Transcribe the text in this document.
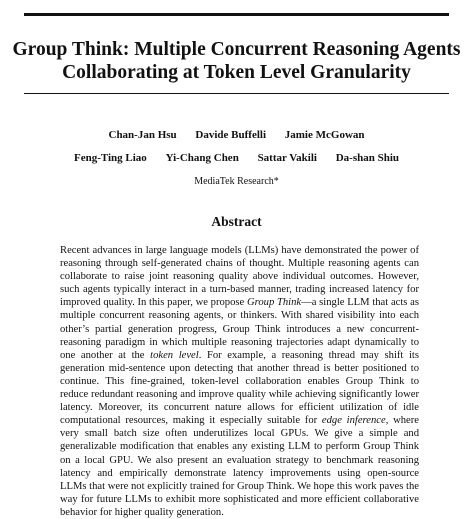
Group Think: Multiple Concurrent Reasoning Agents
Collaborating at Token Level Granularity
Chan-Jan Hsu Davide Buffelli Jamie McGowan
Feng-Ting Liao Yi-Chang Chen Sattar Vakili Da-shan Shiu
MediaTek Research*
Abstract

Recent advances in large language models (LLMs) have demonstrated the power of reasoning through self-generated chains of thought. Multiple reasoning agents can collaborate to raise joint reasoning quality above individual outcomes. However, such agents typically interact in a turn-based manner, trading increased latency for improved quality. In this paper, we propose Group Think—a single LLM that acts as multiple concurrent reasoning agents, or thinkers. With shared visibility into each other’s partial generation progress, Group Think introduces a new concurrent-reasoning paradigm in which multiple reasoning trajectories adapt dynamically to one another at the token level. For example, a reasoning thread may shift its generation mid-sentence upon detecting that another thread is better positioned to continue. This fine-grained, token-level collaboration enables Group Think to reduce redundant reasoning and improve quality while achieving significantly lower latency. Moreover, its concurrent nature allows for efficient utilization of idle computational resources, making it especially suitable for edge inference, where very small batch size often underutilizes local GPUs. We give a simple and generalizable modification that enables any existing LLM to perform Group Think on a local GPU. We also present an evaluation strategy to benchmark reasoning latency and empirically demonstrate latency improvements using open-source LLMs that were not explicitly trained for Group Think. We hope this work paves the way for future LLMs to exhibit more sophisticated and more efficient collaborative behavior for higher quality generation.
